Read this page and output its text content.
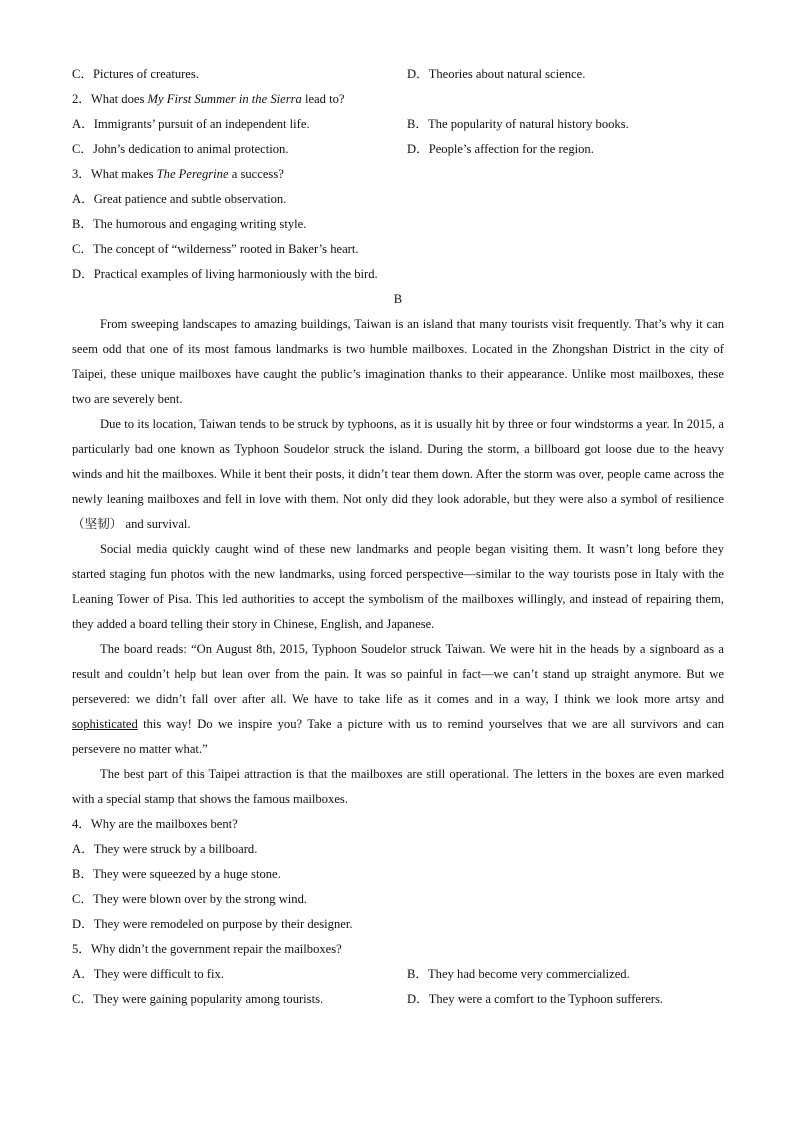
C．Pictures of creatures.	D．Theories about natural science.
2．What does My First Summer in the Sierra lead to?
A．Immigrants’ pursuit of an independent life.	B．The popularity of natural history books.
C．John’s dedication to animal protection.	D．People’s affection for the region.
3．What makes The Peregrine a success?
A．Great patience and subtle observation.
B．The humorous and engaging writing style.
C．The concept of “wilderness” rooted in Baker’s heart.
D．Practical examples of living harmoniously with the bird.
B
From sweeping landscapes to amazing buildings, Taiwan is an island that many tourists visit frequently. That’s why it can seem odd that one of its most famous landmarks is two humble mailboxes. Located in the Zhongshan District in the city of Taipei, these unique mailboxes have caught the public’s imagination thanks to their appearance. Unlike most mailboxes, these two are severely bent.
Due to its location, Taiwan tends to be struck by typhoons, as it is usually hit by three or four windstorms a year. In 2015, a particularly bad one known as Typhoon Soudelor struck the island. During the storm, a billboard got loose due to the heavy winds and hit the mailboxes. While it bent their posts, it didn’t tear them down. After the storm was over, people came across the newly leaning mailboxes and fell in love with them. Not only did they look adorable, but they were also a symbol of resilience （坚韧） and survival.
Social media quickly caught wind of these new landmarks and people began visiting them. It wasn’t long before they started staging fun photos with the new landmarks, using forced perspective—similar to the way tourists pose in Italy with the Leaning Tower of Pisa. This led authorities to accept the symbolism of the mailboxes willingly, and instead of repairing them, they added a board telling their story in Chinese, English, and Japanese.
The board reads: “On August 8th, 2015, Typhoon Soudelor struck Taiwan. We were hit in the heads by a signboard as a result and couldn’t help but lean over from the pain. It was so painful in fact—we can’t stand up straight anymore. But we persevered: we didn’t fall over after all. We have to take life as it comes and in a way, I think we look more artsy and sophisticated this way! Do we inspire you? Take a picture with us to remind yourselves that we are all survivors and can persevere no matter what.”
The best part of this Taipei attraction is that the mailboxes are still operational. The letters in the boxes are even marked with a special stamp that shows the famous mailboxes.
4．Why are the mailboxes bent?
A．They were struck by a billboard.
B．They were squeezed by a huge stone.
C．They were blown over by the strong wind.
D．They were remodeled on purpose by their designer.
5．Why didn’t the government repair the mailboxes?
A．They were difficult to fix.	B．They had become very commercialized.
C．They were gaining popularity among tourists.	D．They were a comfort to the Typhoon sufferers.
